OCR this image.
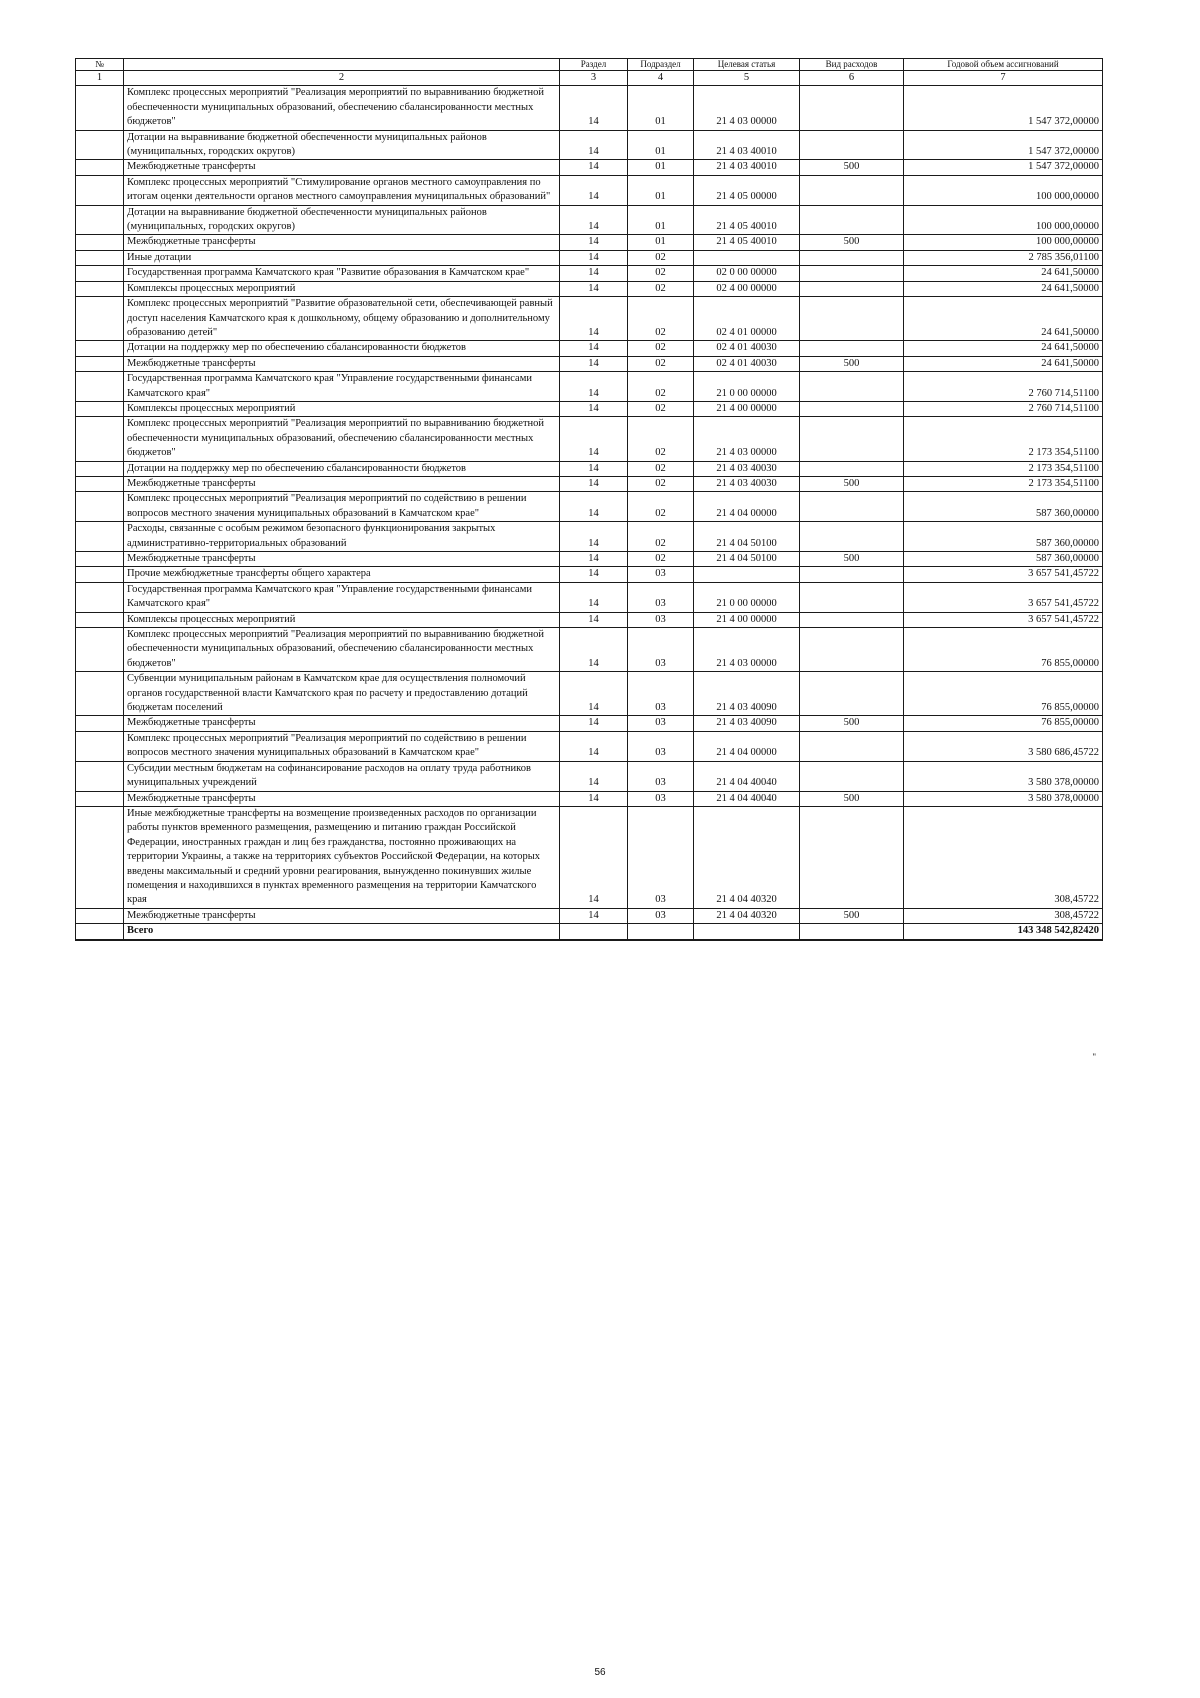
№		Раздел	Подраздел	Целевая статья	Вид расходов	Годовой объем ассигнований
1	2	3	4	5	6	7
	Комплекс процессных мероприятий "Реализация мероприятий по выравниванию бюджетной обеспеченности муниципальных образований, обеспечению сбалансированности местных бюджетов"	14	01	21 4 03 00000		1 547 372,00000
	Дотации на выравнивание бюджетной обеспеченности муниципальных районов (муниципальных, городских округов)	14	01	21 4 03 40010		1 547 372,00000
	Межбюджетные трансферты	14	01	21 4 03 40010	500	1 547 372,00000
	Комплекс процессных мероприятий "Стимулирование органов местного самоуправления по итогам оценки деятельности органов местного самоуправления муниципальных образований"	14	01	21 4 05 00000		100 000,00000
	Дотации на выравнивание бюджетной обеспеченности муниципальных районов (муниципальных, городских округов)	14	01	21 4 05 40010		100 000,00000
	Межбюджетные трансферты	14	01	21 4 05 40010	500	100 000,00000
	Иные дотации	14	02			2 785 356,01100
	Государственная программа Камчатского края "Развитие образования в Камчатском крае"	14	02	02 0 00 00000		24 641,50000
	Комплексы процессных мероприятий	14	02	02 4 00 00000		24 641,50000
	Комплекс процессных мероприятий "Развитие образовательной сети, обеспечивающей равный доступ населения Камчатского края к дошкольному, общему образованию и дополнительному образованию детей"	14	02	02 4 01 00000		24 641,50000
	Дотации на поддержку мер по обеспечению сбалансированности бюджетов	14	02	02 4 01 40030		24 641,50000
	Межбюджетные трансферты	14	02	02 4 01 40030	500	24 641,50000
	Государственная программа Камчатского края "Управление государственными финансами Камчатского края"	14	02	21 0 00 00000		2 760 714,51100
	Комплексы процессных мероприятий	14	02	21 4 00 00000		2 760 714,51100
	Комплекс процессных мероприятий "Реализация мероприятий по выравниванию бюджетной обеспеченности муниципальных образований, обеспечению сбалансированности местных бюджетов"	14	02	21 4 03 00000		2 173 354,51100
	Дотации на поддержку мер по обеспечению сбалансированности бюджетов	14	02	21 4 03 40030		2 173 354,51100
	Межбюджетные трансферты	14	02	21 4 03 40030	500	2 173 354,51100
	Комплекс процессных мероприятий "Реализация мероприятий по содействию в решении вопросов местного значения муниципальных образований в Камчатском крае"	14	02	21 4 04 00000		587 360,00000
	Расходы, связанные с особым режимом безопасного функционирования закрытых административно-территориальных образований	14	02	21 4 04 50100		587 360,00000
	Межбюджетные трансферты	14	02	21 4 04 50100	500	587 360,00000
	Прочие межбюджетные трансферты общего характера	14	03			3 657 541,45722
	Государственная программа Камчатского края "Управление государственными финансами Камчатского края"	14	03	21 0 00 00000		3 657 541,45722
	Комплексы процессных мероприятий	14	03	21 4 00 00000		3 657 541,45722
	Комплекс процессных мероприятий "Реализация мероприятий по выравниванию бюджетной обеспеченности муниципальных образований, обеспечению сбалансированности местных бюджетов"	14	03	21 4 03 00000		76 855,00000
	Субвенции муниципальным районам в Камчатском крае для осуществления полномочий органов государственной власти Камчатского края по расчету и предоставлению дотаций бюджетам поселений	14	03	21 4 03 40090		76 855,00000
	Межбюджетные трансферты	14	03	21 4 03 40090	500	76 855,00000
	Комплекс процессных мероприятий "Реализация мероприятий по содействию в решении вопросов местного значения муниципальных образований в Камчатском крае"	14	03	21 4 04 00000		3 580 686,45722
	Субсидии местным бюджетам на софинансирование расходов на оплату труда работников муниципальных учреждений	14	03	21 4 04 40040		3 580 378,00000
	Межбюджетные трансферты	14	03	21 4 04 40040	500	3 580 378,00000
	Иные межбюджетные трансферты на возмещение произведенных расходов по организации работы пунктов временного размещения, размещению и питанию граждан Российской Федерации, иностранных граждан и лиц без гражданства, постоянно проживающих на территории Украины, а также на территориях субъектов Российской Федерации, на которых введены максимальный и средний уровни реагирования, вынужденно покинувших жилые помещения и находившихся в пунктах временного размещения на территории Камчатского края	14	03	21 4 04 40320		308,45722
	Межбюджетные трансферты	14	03	21 4 04 40320	500	308,45722
	Всего					143 348 542,82420
"
56
